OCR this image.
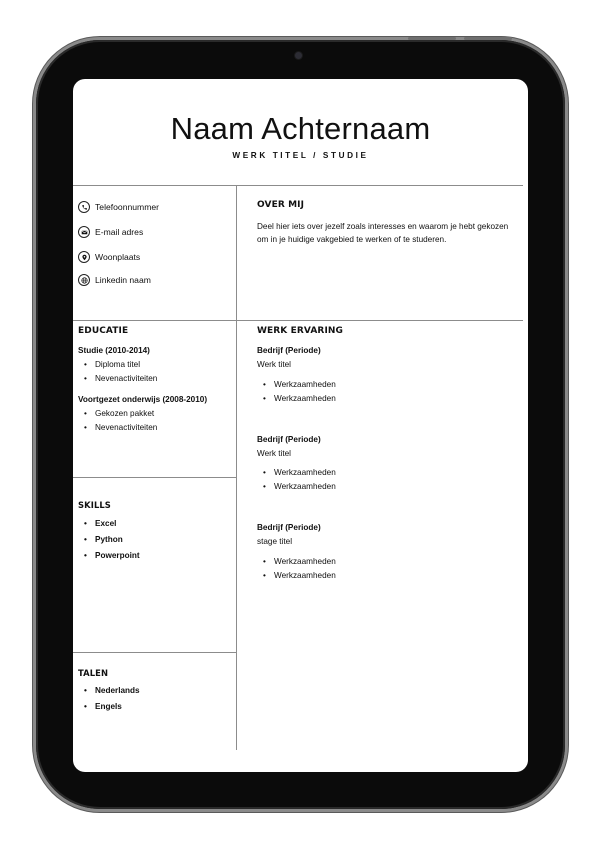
Naam Achternaam
WERK TITEL / STUDIE
Telefoonnummer
E-mail adres
Woonplaats
Linkedin naam
OVER MIJ
Deel hier iets over jezelf zoals interesses en waarom je hebt gekozen om in je huidige vakgebied te werken of te studeren.
EDUCATIE
Studie (2010-2014)
• Diploma titel
• Nevenactiviteiten
Voortgezet onderwijs (2008-2010)
• Gekozen pakket
• Nevenactiviteiten
SKILLS
• Excel
• Python
• Powerpoint
TALEN
• Nederlands
• Engels
WERK ERVARING
Bedrijf (Periode)
Werk titel
• Werkzaamheden
• Werkzaamheden
Bedrijf (Periode)
Werk titel
• Werkzaamheden
• Werkzaamheden
Bedrijf (Periode)
stage titel
• Werkzaamheden
• Werkzaamheden
